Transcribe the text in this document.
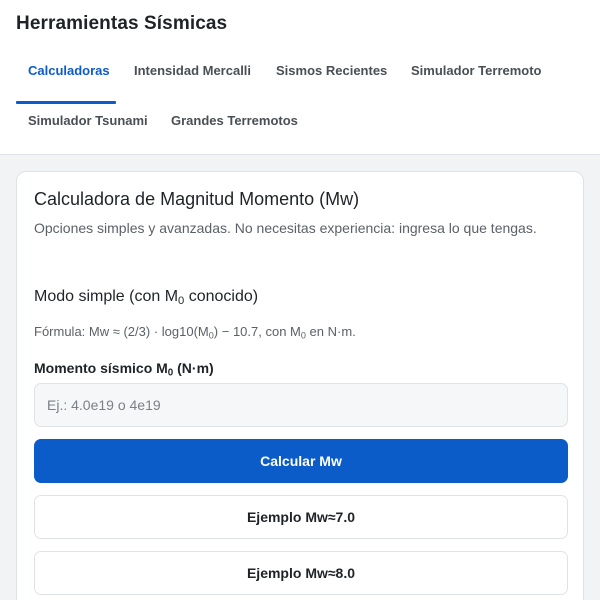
Herramientas Sísmicas
Calculadoras Intensidad Mercalli Sismos Recientes Simulador Terremoto
Simulador Tsunami Grandes Terremotos
Calculadora de Magnitud Momento (Mw)
Opciones simples y avanzadas. No necesitas experiencia: ingresa lo que tengas.
Modo simple (con $M_0$ conocido)
Fórmula: $Mw \approx (2/3) \cdot \log 10(M_0) - 10.7$, con $M_0$ en N·m.
Momento sísmico $M_0$ (N·m)
Ej.: 4.0e19 o 4e19
Calcular Mw
Ejemplo Mw≈7.0
Ejemplo Mw≈8.0
